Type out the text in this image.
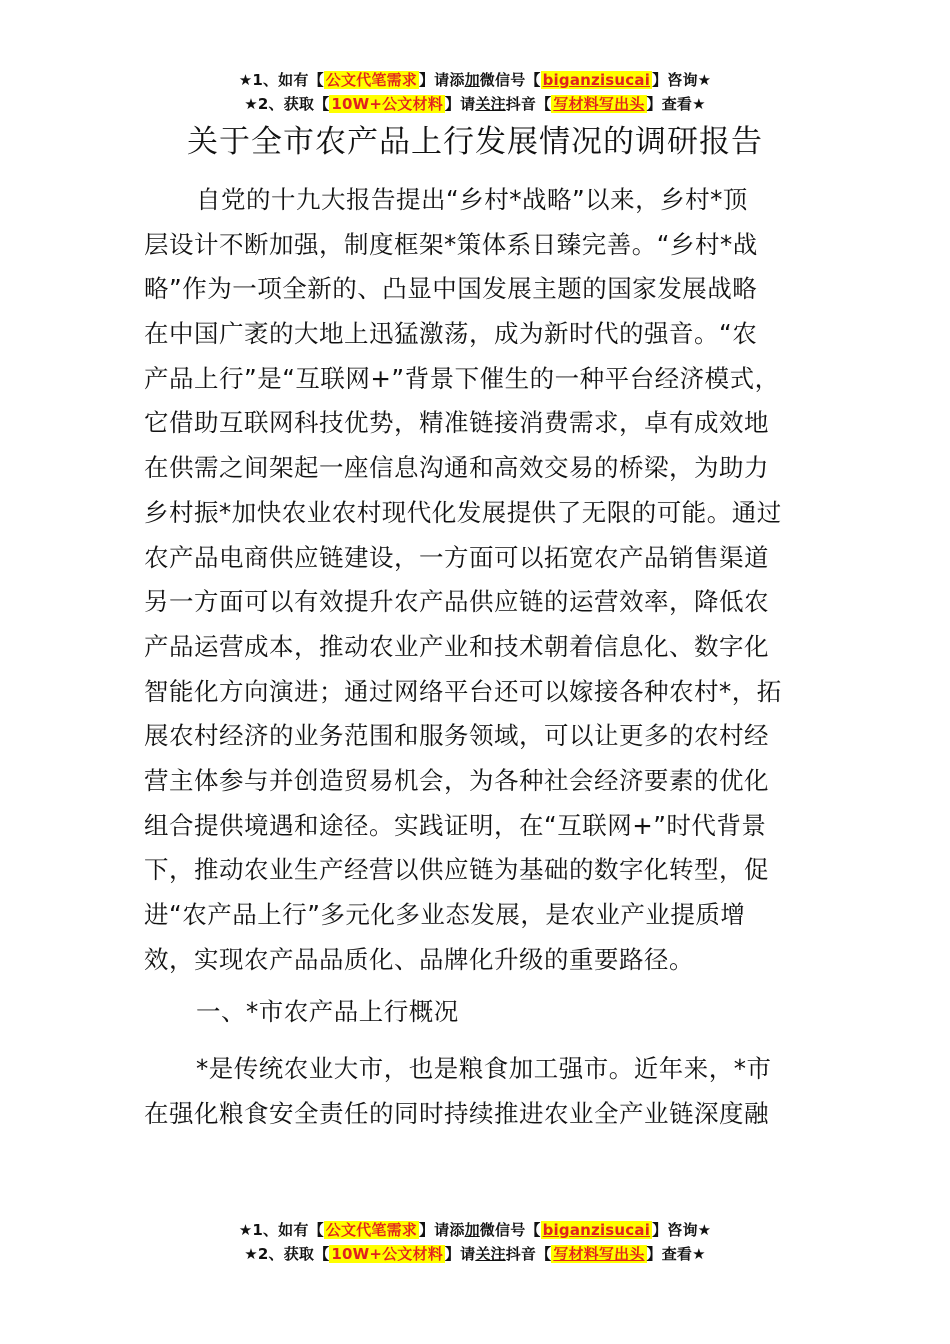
★1、如有【 公文代笔需求 】请添加微信号【 biganzisucai 】咨询★
★2、获取【 10W+公文材料 】请关注抖音【 写材料写出头 】查看★
关于全市农产品上行发展情况的调研报告
自党的十九大报告提出“乡村*战略”以来，乡村*顶
层设计不断加强，制度框架*策体系日臻完善。“乡村*战
略”作为一项全新的、凸显中国发展主题的国家发展战略
在中国广袤的大地上迅猛激荡，成为新时代的强音。“农
产品上行”是“互联网+”背景下催生的一种平台经济模式，
它借助互联网科技优势，精准链接消费需求，卓有成效地
在供需之间架起一座信息沟通和高效交易的桥梁，为助力
乡村振*加快农业农村现代化发展提供了无限的可能。通过
农产品电商供应链建设，一方面可以拓宽农产品销售渠道
另一方面可以有效提升农产品供应链的运营效率，降低农
产品运营成本，推动农业产业和技术朝着信息化、数字化
智能化方向演进；通过网络平台还可以嫁接各种农村*，拓
展农村经济的业务范围和服务领域，可以让更多的农村经
营主体参与并创造贸易机会，为各种社会经济要素的优化
组合提供境遇和途径。实践证明，在“互联网+”时代背景
下，推动农业生产经营以供应链为基础的数字化转型，促
进“农产品上行”多元化多业态发展，是农业产业提质增
效，实现农产品品质化、品牌化升级的重要路径。
一、*市农产品上行概况
*是传统农业大市，也是粮食加工强市。近年来，*市
在强化粮食安全责任的同时持续推进农业全产业链深度融
★1、如有【 公文代笔需求 】请添加微信号【 biganzisucai 】咨询★
★2、获取【 10W+公文材料 】请关注抖音【 写材料写出头 】查看★
